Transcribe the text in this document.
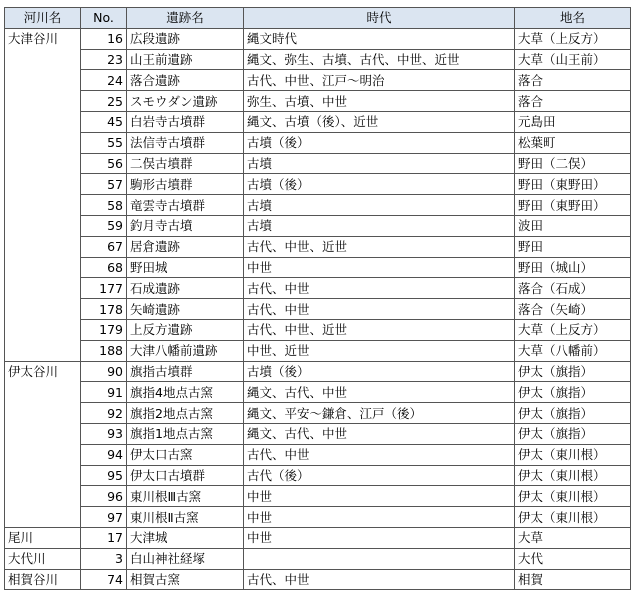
河川名	No.	遺跡名	時代	地名
大津谷川	16	広段遺跡	縄文時代	大草（上反方）
	23	山王前遺跡	縄文、弥生、古墳、古代、中世、近世	大草（山王前）
	24	落合遺跡	古代、中世、江戸～明治	落合
	25	スモウダン遺跡	弥生、古墳、中世	落合
	45	白岩寺古墳群	縄文、古墳（後）、近世	元島田
	55	法信寺古墳群	古墳（後）	松葉町
	56	二俣古墳群	古墳	野田（二俣）
	57	駒形古墳群	古墳（後）	野田（東野田）
	58	竜雲寺古墳群	古墳	野田（東野田）
	59	釣月寺古墳	古墳	波田
	67	居倉遺跡	古代、中世、近世	野田
	68	野田城	中世	野田（城山）
	177	石成遺跡	古代、中世	落合（石成）
	178	矢崎遺跡	古代、中世	落合（矢崎）
	179	上反方遺跡	古代、中世、近世	大草（上反方）
	188	大津八幡前遺跡	中世、近世	大草（八幡前）
伊太谷川	90	旗指古墳群	古墳（後）	伊太（旗指）
	91	旗指4地点古窯	縄文、古代、中世	伊太（旗指）
	92	旗指2地点古窯	縄文、平安～鎌倉、江戸（後）	伊太（旗指）
	93	旗指1地点古窯	縄文、古代、中世	伊太（旗指）
	94	伊太口古窯	古代、中世	伊太（東川根）
	95	伊太口古墳群	古代（後）	伊太（東川根）
	96	東川根Ⅲ古窯	中世	伊太（東川根）
	97	東川根Ⅱ古窯	中世	伊太（東川根）
尾川	17	大津城	中世	大草
大代川	3	白山神社経塚		大代
相賀谷川	74	相賀古窯	古代、中世	相賀
